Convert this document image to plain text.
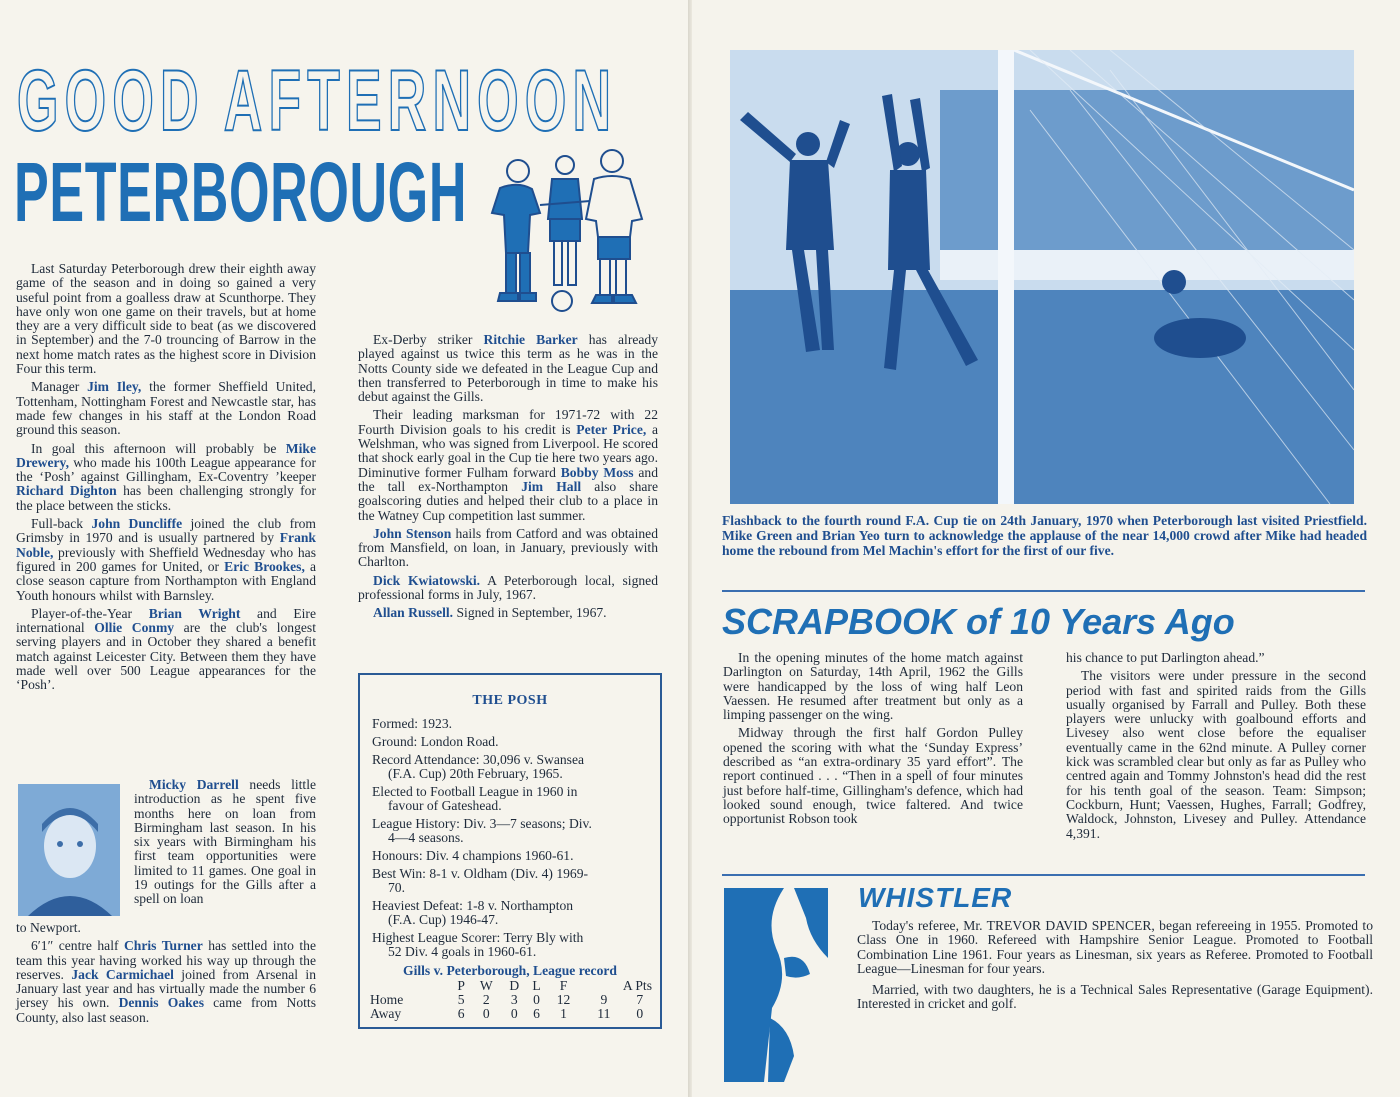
GOOD AFTERNOON
PETERBOROUGH

Last Saturday Peterborough drew their eighth away game of the season and in doing so gained a very useful point from a goalless draw at Scunthorpe. They have only won one game on their travels, but at home they are a very difficult side to beat (as we discovered in September) and the 7-0 trouncing of Barrow in the next home match rates as the highest score in Division Four this term.

Manager Jim Iley, the former Sheffield United, Tottenham, Nottingham Forest and Newcastle star, has made few changes in his staff at the London Road ground this season.

In goal this afternoon will probably be Mike Drewery, who made his 100th League appearance for the ‘Posh’ against Gillingham, Ex-Coventry ’keeper Richard Dighton has been challenging strongly for the place between the sticks.

Full-back John Duncliffe joined the club from Grimsby in 1970 and is usually partnered by Frank Noble, previously with Sheffield Wednesday who has figured in 200 games for United, or Eric Brookes, a close season capture from Northampton with England Youth honours whilst with Barnsley.

Player-of-the-Year Brian Wright and Eire international Ollie Conmy are the club's longest serving players and in October they shared a benefit match against Leicester City. Between them they have made well over 500 League appearances for the ‘Posh’.

Micky Darrell needs little introduction as he spent five months here on loan from Birmingham last season. In his six years with Birmingham his first team opportunities were limited to 11 games. One goal in 19 outings for the Gills after a spell on loan

to Newport.

6′1″ centre half Chris Turner has settled into the team this year having worked his way up through the reserves. Jack Carmichael joined from Arsenal in January last year and has virtually made the number 6 jersey his own. Dennis Oakes came from Notts County, also last season.

Ex-Derby striker Ritchie Barker has already played against us twice this term as he was in the Notts County side we defeated in the League Cup and then transferred to Peterborough in time to make his debut against the Gills.

Their leading marksman for 1971-72 with 22 Fourth Division goals to his credit is Peter Price, a Welshman, who was signed from Liverpool. He scored that shock early goal in the Cup tie here two years ago. Diminutive former Fulham forward Bobby Moss and the tall ex-Northampton Jim Hall also share goalscoring duties and helped their club to a place in the Watney Cup competition last summer.

John Stenson hails from Catford and was obtained from Mansfield, on loan, in January, previously with Charlton.

Dick Kwiatowski. A Peterborough local, signed professional forms in July, 1967.

Allan Russell. Signed in September, 1967.

THE POSH
Formed: 1923.
Ground: London Road.
Record Attendance: 30,096 v. Swansea
(F.A. Cup) 20th February, 1965.
Elected to Football League in 1960 in
favour of Gateshead.
League History: Div. 3—7 seasons; Div.
4—4 seasons.
Honours: Div. 4 champions 1960-61.
Best Win: 8-1 v. Oldham (Div. 4) 1969-
70.
Heaviest Defeat: 1-8 v. Northampton
(F.A. Cup) 1946-47.
Highest League Scorer: Terry Bly with
52 Div. 4 goals in 1960-61.
Gills v. Peterborough, League record
	P	W	D	L	F	A Pts	
Home	5	2	3	0	12	9	7
Away	6	0	0	6	1	11	0
Flashback to the fourth round F.A. Cup tie on 24th January, 1970 when Peterborough last visited Priestfield. Mike Green and Brian Yeo turn to acknowledge the applause of the near 14,000 crowd after Mike had headed home the rebound from Mel Machin's effort for the first of our five.
SCRAPBOOK of 10 Years Ago

In the opening minutes of the home match against Darlington on Saturday, 14th April, 1962 the Gills were handicapped by the loss of wing half Leon Vaessen. He resumed after treatment but only as a limping passenger on the wing.

Midway through the first half Gordon Pulley opened the scoring with what the ‘Sunday Express’ described as “an extra-ordinary 35 yard effort”. The report continued . . . “Then in a spell of four minutes just before half-time, Gillingham's defence, which had looked sound enough, twice faltered. And twice opportunist Robson took

his chance to put Darlington ahead.”

The visitors were under pressure in the second period with fast and spirited raids from the Gills usually organised by Farrall and Pulley. Both these players were unlucky with goalbound efforts and Livesey also went close before the equaliser eventually came in the 62nd minute. A Pulley corner kick was scrambled clear but only as far as Pulley who centred again and Tommy Johnston's head did the rest for his tenth goal of the season. Team: Simpson; Cockburn, Hunt; Vaessen, Hughes, Farrall; Godfrey, Waldock, Johnston, Livesey and Pulley. Attendance 4,391.

WHISTLER

Today's referee, Mr. TREVOR DAVID SPENCER, began refereeing in 1955. Promoted to Class One in 1960. Refereed with Hampshire Senior League. Promoted to Football Combination Line 1961. Four years as Linesman, six years as Referee. Promoted to Football League—Linesman for four years.

Married, with two daughters, he is a Technical Sales Representative (Garage Equipment). Interested in cricket and golf.
